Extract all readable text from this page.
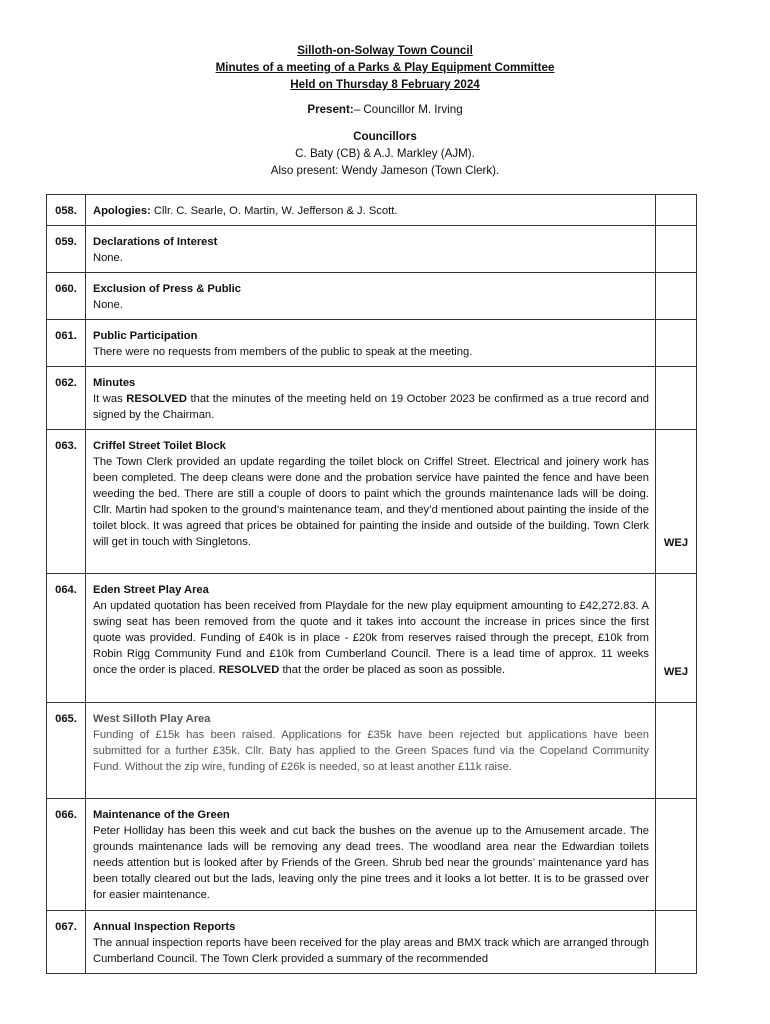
Silloth-on-Solway Town Council
Minutes of a meeting of a Parks & Play Equipment Committee
Held on Thursday 8 February 2024
Present:– Councillor M. Irving
Councillors
C. Baty (CB) & A.J. Markley (AJM).
Also present: Wendy Jameson (Town Clerk).
058.	Apologies: Cllr. C. Searle, O. Martin, W. Jefferson & J. Scott.	
059.	Declarations of Interest
None.	

060.	Exclusion of Press & Public
None.	

061.	Public Participation
There were no requests from members of the public to speak at the meeting.	

062.	Minutes
It was RESOLVED that the minutes of the meeting held on 19 October 2023 be confirmed as a true record and signed by the Chairman.	

063.	Criffel Street Toilet Block
The Town Clerk provided an update regarding the toilet block on Criffel Street. Electrical and joinery work has been completed. The deep cleans were done and the probation service have painted the fence and have been weeding the bed. There are still a couple of doors to paint which the grounds maintenance lads will be doing. Cllr. Martin had spoken to the ground’s maintenance team, and they’d mentioned about painting the inside of the toilet block. It was agreed that prices be obtained for painting the inside and outside of the building. Town Clerk will get in touch with Singletons.	WEJ
064.	Eden Street Play Area
An updated quotation has been received from Playdale for the new play equipment amounting to £42,272.83. A swing seat has been removed from the quote and it takes into account the increase in prices since the first quote was provided. Funding of £40k is in place - £20k from reserves raised through the precept, £10k from Robin Rigg Community Fund and £10k from Cumberland Council. There is a lead time of approx. 11 weeks once the order is placed. RESOLVED that the order be placed as soon as possible.	WEJ
065.	West Silloth Play Area
Funding of £15k has been raised. Applications for £35k have been rejected but applications have been submitted for a further £35k. Cllr. Baty has applied to the Green Spaces fund via the Copeland Community Fund. Without the zip wire, funding of £26k is needed, so at least another £11k raise.	

066.	Maintenance of the Green
Peter Holliday has been this week and cut back the bushes on the avenue up to the Amusement arcade. The grounds maintenance lads will be removing any dead trees. The woodland area near the Edwardian toilets needs attention but is looked after by Friends of the Green. Shrub bed near the grounds’ maintenance yard has been totally cleared out but the lads, leaving only the pine trees and it looks a lot better. It is to be grassed over for easier maintenance.	

067.	Annual Inspection Reports
The annual inspection reports have been received for the play areas and BMX track which are arranged through Cumberland Council. The Town Clerk provided a summary of the recommended	
